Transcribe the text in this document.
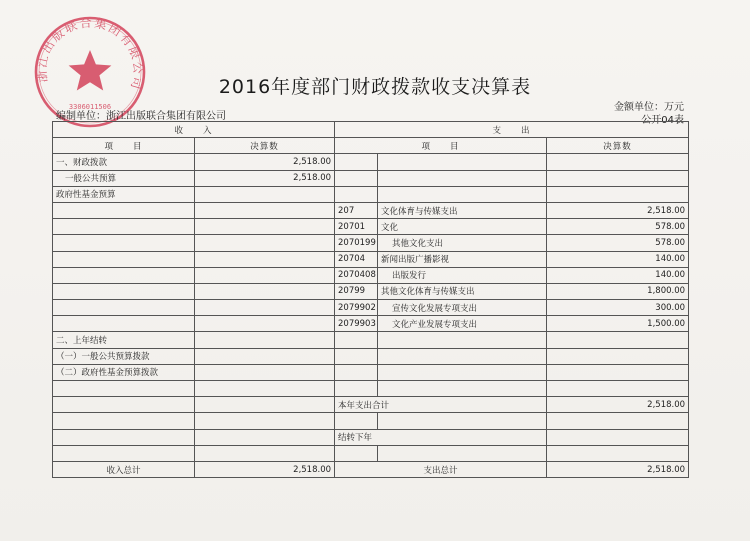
浙江出版联合集团有限公司
3306011506
2016年度部门财政拨款收支决算表
金额单位：万元
编制单位：浙江出版联合集团有限公司	公开04表
收　　入		支　　出		
项　　目	决算数	项　　目		决算数
一、财政拨款	2,518.00			
一般公共预算	2,518.00			
政府性基金预算				
		207	文化体育与传媒支出	2,518.00
		20701	文化	578.00
		2070199	其他文化支出	578.00
		20704	新闻出版广播影视	140.00
		2070408	出版发行	140.00
		20799	其他文化体育与传媒支出	1,800.00
		2079902	宣传文化发展专项支出	300.00
		2079903	文化产业发展专项支出	1,500.00
二、上年结转				
（一）一般公共预算拨款				
（二）政府性基金预算拨款				

		本年支出合计		2,518.00

		结转下年		

收入总计	2,518.00	支出总计		2,518.00
